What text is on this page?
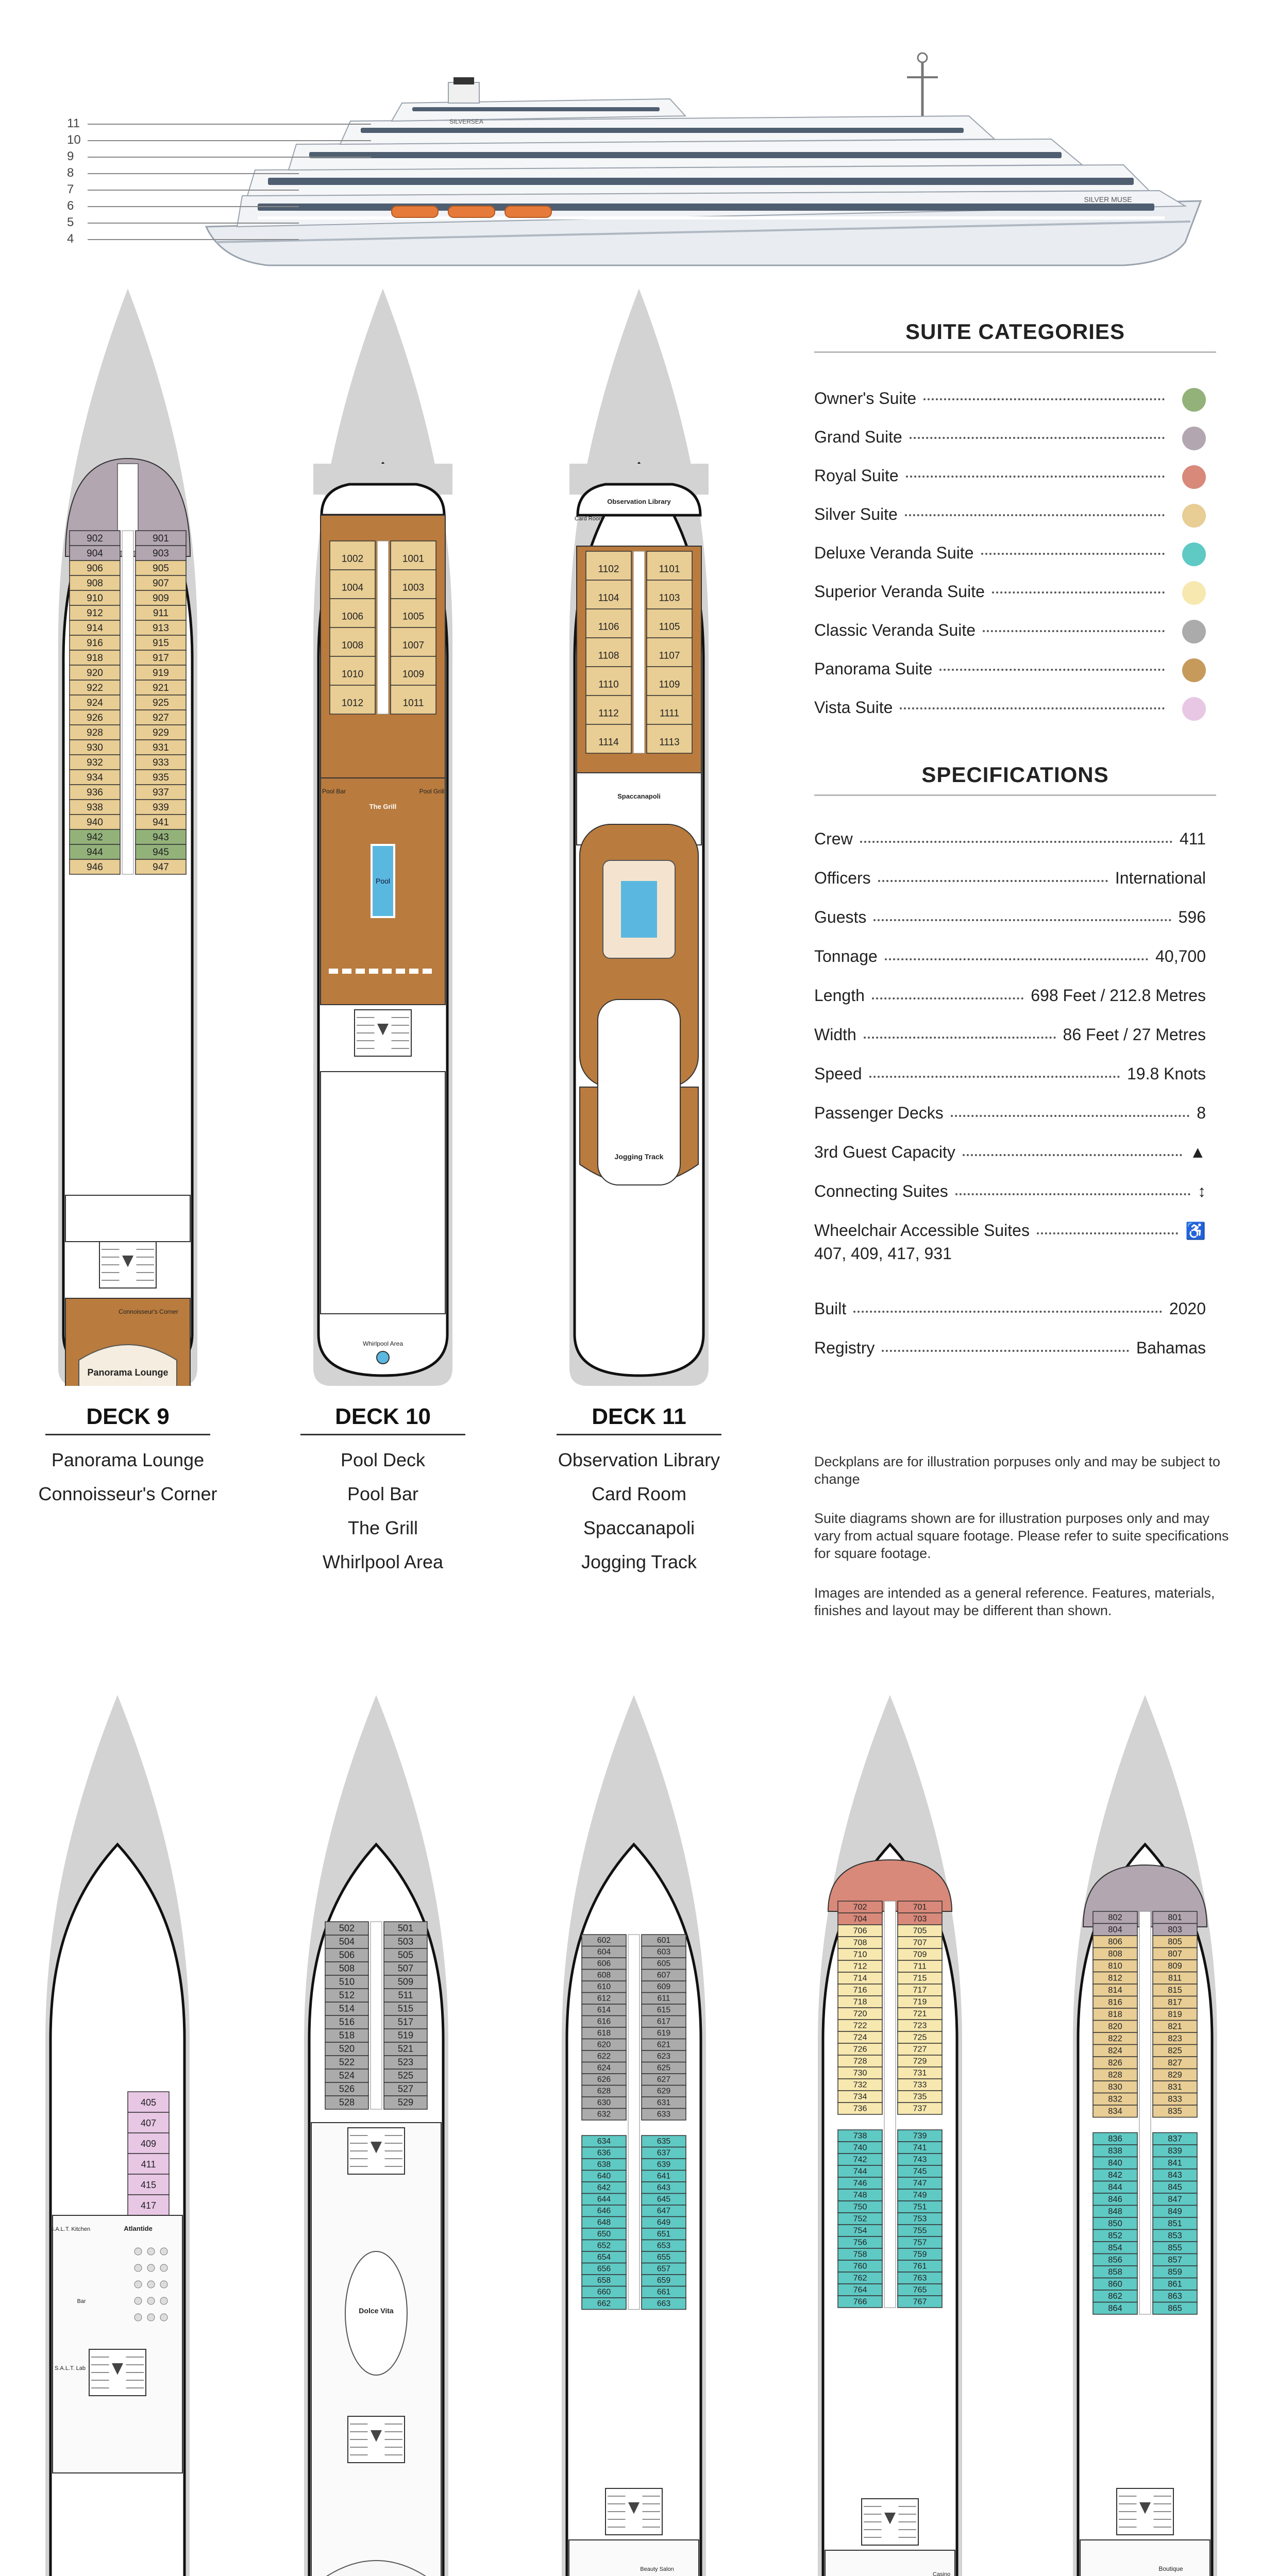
SILVERSEA
SILVER MUSE
11
10
9
8
7
6
5
4
902	901
904	903
906	905
908	907
910	909
912	911
914	913
916	915
918	917
920	919
922	921
924	925
926	927
928	929
930	931
932	933
934	935
936	937
938	939
940	941
942	943
944	945
946	947
Panorama Lounge
Connoisseur's Corner
1002	1001
1004	1003
1006	1005
1008	1007
1010	1009
1012	1011
Pool
Pool Bar	Pool Grill
The Grill
Whirlpool Area
Observation Library
Card Room
1102	1101
1104	1103
1106	1105
1108	1107
1110	1109
1112	1111
1114	1113
Spaccanapoli
Jogging Track
DECK 9
Panorama Lounge
Connoisseur's Corner
DECK 10
Pool Deck
Pool Bar
The Grill
Whirlpool Area
DECK 11
Observation Library
Card Room
Spaccanapoli
Jogging Track
SUITE CATEGORIES
Owner's Suite
Grand Suite
Royal Suite
Silver Suite
Deluxe Veranda Suite
Superior Veranda Suite
Classic Veranda Suite
Panorama Suite
Vista Suite
SPECIFICATIONS
Crew	411
Officers	International
Guests	596
Tonnage	40,700
Length	698 Feet / 212.8 Metres
Width	86 Feet / 27 Metres
Speed	19.8 Knots
Passenger Decks	8
3rd Guest Capacity	▲
Connecting Suites	↕
Wheelchair Accessible Suites	♿
Built	2020
Registry	Bahamas
407, 409, 417, 931
Deckplans are for illustration porpuses only and may be subject to change
Suite diagrams shown are for illustration purposes only and may vary from actual square footage. Please refer to suite specifications for square footage.
Images are intended as a general reference. Features, materials, finishes and layout may be different than shown.
405
407
409
411
415
417
Atlantide
S.A.L.T. Kitchen
Bar
S.A.L.T. Lab
502	501
504	503
506	505
508	507
510	509
512	511
514	515
516	517
518	519
520	521
522	523
524	525
526	527
528	529
Dolce Vita
602	601
604	603
606	605
608	607
610	609
612	611
614	615
616	617
618	619
620	621
622	623
624	625
626	627
628	629
630	631
632	633
634	635
636	637
638	639
640	641
642	643
644	645
646	647
648	649
650	651
652	653
654	655
656	657
658	659
660	661
662	663
Beauty Salon
702	701
704	703
706	705
708	707
710	709
712	711
714	715
716	717
718	719
720	721
722	723
724	725
726	727
728	729
730	731
732	733
734	735
736	737
738	739
740	741
742	743
744	745
746	747
748	749
750	751
752	753
754	755
756	757
758	759
760	761
762	763
764	765
766	767
Casino
802	801
804	803
806	805
808	807
810	809
812	811
814	815
816	817
818	819
820	821
822	823
824	825
826	827
828	829
830	831
832	833
834	835
836	837
838	839
840	841
842	843
844	845
846	847
848	849
850	851
852	853
854	855
856	857
858	859
860	861
862	863
864	865
Boutique
